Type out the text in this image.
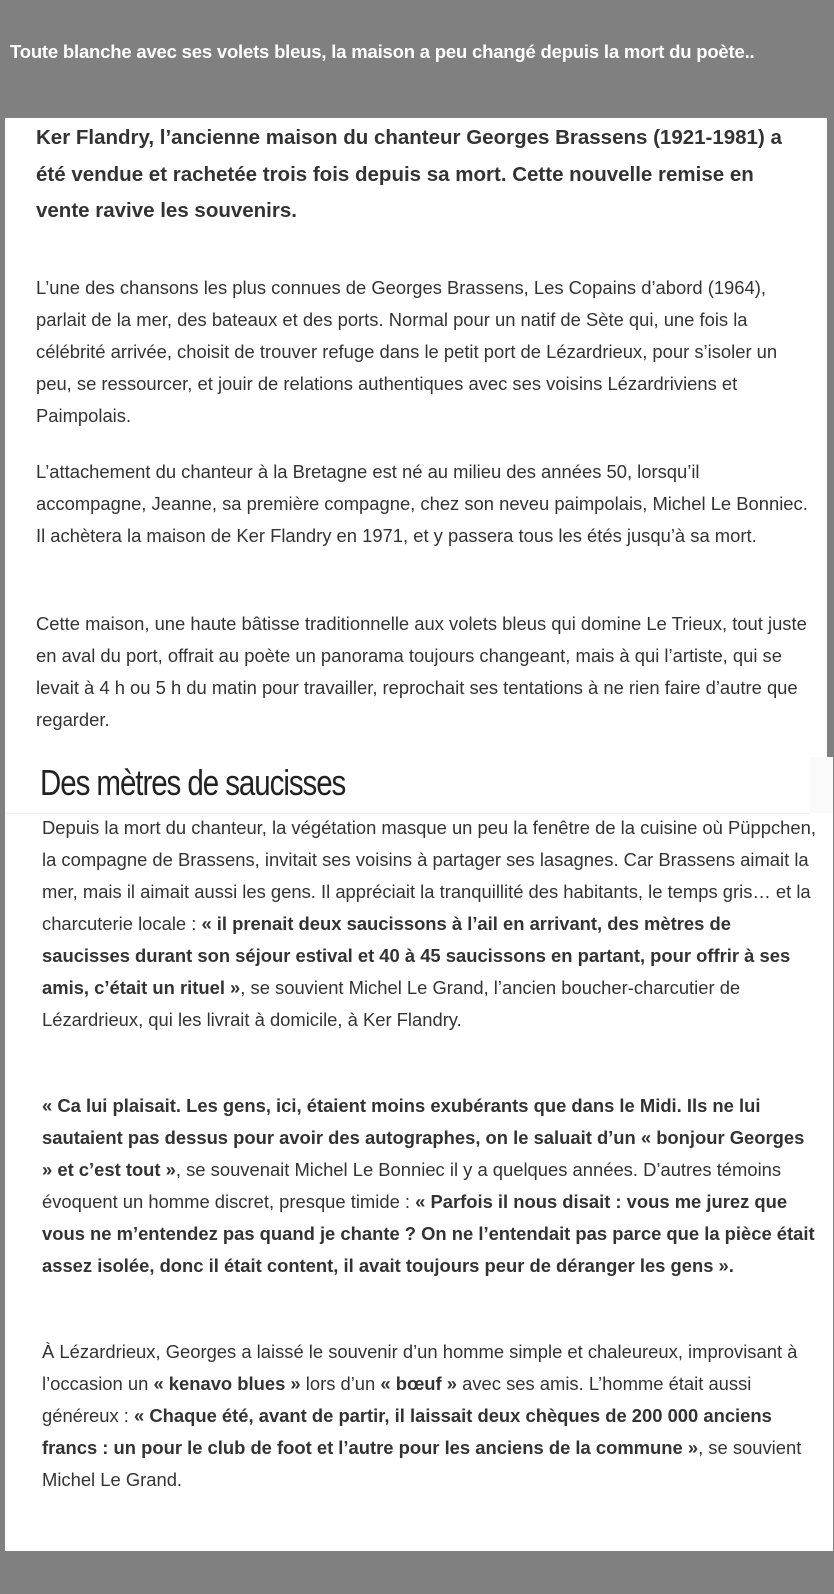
Toute blanche avec ses volets bleus, la maison a peu changé depuis la mort du poète..

Ker Flandry, l’ancienne maison du chanteur Georges Brassens (1921-1981) a été vendue et rachetée trois fois depuis sa mort. Cette nouvelle remise en vente ravive les souvenirs.

L’une des chansons les plus connues de Georges Brassens, Les Copains d’abord (1964), parlait de la mer, des bateaux et des ports. Normal pour un natif de Sète qui, une fois la célébrité arrivée, choisit de trouver refuge dans le petit port de Lézardrieux, pour s’isoler un peu, se ressourcer, et jouir de relations authentiques avec ses voisins Lézardriviens et Paimpolais.

L’attachement du chanteur à la Bretagne est né au milieu des années 50, lorsqu’il accompagne, Jeanne, sa première compagne, chez son neveu paimpolais, Michel Le Bonniec. Il achètera la maison de Ker Flandry en 1971, et y passera tous les étés jusqu’à sa mort.

Cette maison, une haute bâtisse traditionnelle aux volets bleus qui domine Le Trieux, tout juste en aval du port, offrait au poète un panorama toujours changeant, mais à qui l’artiste, qui se levait à 4 h ou 5 h du matin pour travailler, reprochait ses tentations à ne rien faire d’autre que regarder.

Des mètres de saucisses

Depuis la mort du chanteur, la végétation masque un peu la fenêtre de la cuisine où Püppchen, la compagne de Brassens, invitait ses voisins à partager ses lasagnes. Car Brassens aimait la mer, mais il aimait aussi les gens. Il appréciait la tranquillité des habitants, le temps gris… et la charcuterie locale : « il prenait deux saucissons à l’ail en arrivant, des mètres de saucisses durant son séjour estival et 40 à 45 saucissons en partant, pour offrir à ses amis, c’était un rituel », se souvient Michel Le Grand, l’ancien boucher-charcutier de Lézardrieux, qui les livrait à domicile, à Ker Flandry.

« Ca lui plaisait. Les gens, ici, étaient moins exubérants que dans le Midi. Ils ne lui sautaient pas dessus pour avoir des autographes, on le saluait d’un « bonjour Georges » et c’est tout », se souvenait Michel Le Bonniec il y a quelques années. D’autres témoins évoquent un homme discret, presque timide : « Parfois il nous disait : vous me jurez que vous ne m’entendez pas quand je chante ? On ne l’entendait pas parce que la pièce était assez isolée, donc il était content, il avait toujours peur de déranger les gens ».

À Lézardrieux, Georges a laissé le souvenir d’un homme simple et chaleureux, improvisant à l’occasion un « kenavo blues » lors d’un « bœuf » avec ses amis. L’homme était aussi généreux : « Chaque été, avant de partir, il laissait deux chèques de 200 000 anciens francs : un pour le club de foot et l’autre pour les anciens de la commune », se souvient Michel Le Grand.
